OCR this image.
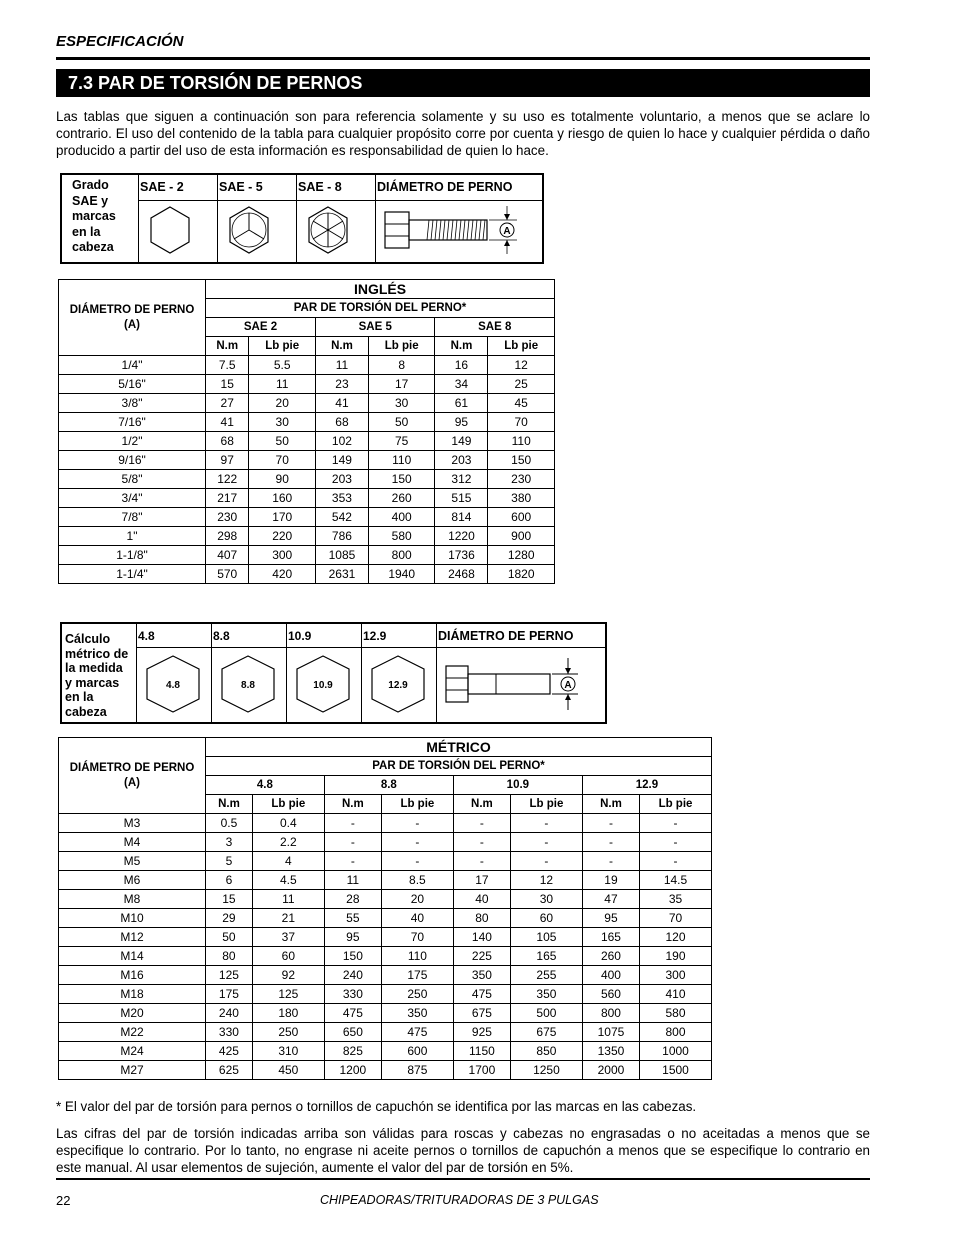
ESPECIFICACIÓN
7.3 PAR DE TORSIÓN DE PERNOS
Las tablas que siguen a continuación son para referencia solamente y su uso es totalmente voluntario, a menos que se aclare lo contrario. El uso del contenido de la tabla para cualquier propósito corre por cuenta y riesgo de quien lo hace y cualquier pérdida o daño producido a partir del uso de esta información es responsabilidad de quien lo hace.
Grado SAE y marcas en la cabeza	SAE - 2	SAE - 5	SAE - 8	DIÁMETRO DE PERNO

A
DIÁMETRO DE PERNO (A)	INGLÉS					
	PAR DE TORSIÓN DEL PERNO*					
	SAE 2		SAE 5		SAE 8	
	N.m	Lb pie	N.m	Lb pie	N.m	Lb pie
1/4"	7.5	5.5	11	8	16	12
5/16"	15	11	23	17	34	25
3/8"	27	20	41	30	61	45
7/16"	41	30	68	50	95	70
1/2"	68	50	102	75	149	110
9/16"	97	70	149	110	203	150
5/8"	122	90	203	150	312	230
3/4"	217	160	353	260	515	380
7/8"	230	170	542	400	814	600
1"	298	220	786	580	1220	900
1-1/8"	407	300	1085	800	1736	1280
1-1/4"	570	420	2631	1940	2468	1820
Cálculo métrico de la medida y marcas en la cabeza	4.8	8.8	10.9	12.9	DIÁMETRO DE PERNO

4.8	8.8	10.9	12.9	A
DIÁMETRO DE PERNO (A)	MÉTRICO							
	PAR DE TORSIÓN DEL PERNO*							
	4.8		8.8		10.9		12.9	
	N.m	Lb pie	N.m	Lb pie	N.m	Lb pie	N.m	Lb pie
M3	0.5	0.4	-	-	-	-	-	-
M4	3	2.2	-	-	-	-	-	-
M5	5	4	-	-	-	-	-	-
M6	6	4.5	11	8.5	17	12	19	14.5
M8	15	11	28	20	40	30	47	35
M10	29	21	55	40	80	60	95	70
M12	50	37	95	70	140	105	165	120
M14	80	60	150	110	225	165	260	190
M16	125	92	240	175	350	255	400	300
M18	175	125	330	250	475	350	560	410
M20	240	180	475	350	675	500	800	580
M22	330	250	650	475	925	675	1075	800
M24	425	310	825	600	1150	850	1350	1000
M27	625	450	1200	875	1700	1250	2000	1500
* El valor del par de torsión para pernos o tornillos de capuchón se identifica por las marcas en las cabezas.
Las cifras del par de torsión indicadas arriba son válidas para roscas y cabezas no engrasadas o no aceitadas a menos que se especifique lo contrario. Por lo tanto, no engrase ni aceite pernos o tornillos de capuchón a menos que se especifique lo contrario en este manual. Al usar elementos de sujeción, aumente el valor del par de torsión en 5%.
22	CHIPEADORAS/TRITURADORAS DE 3 PULGAS
